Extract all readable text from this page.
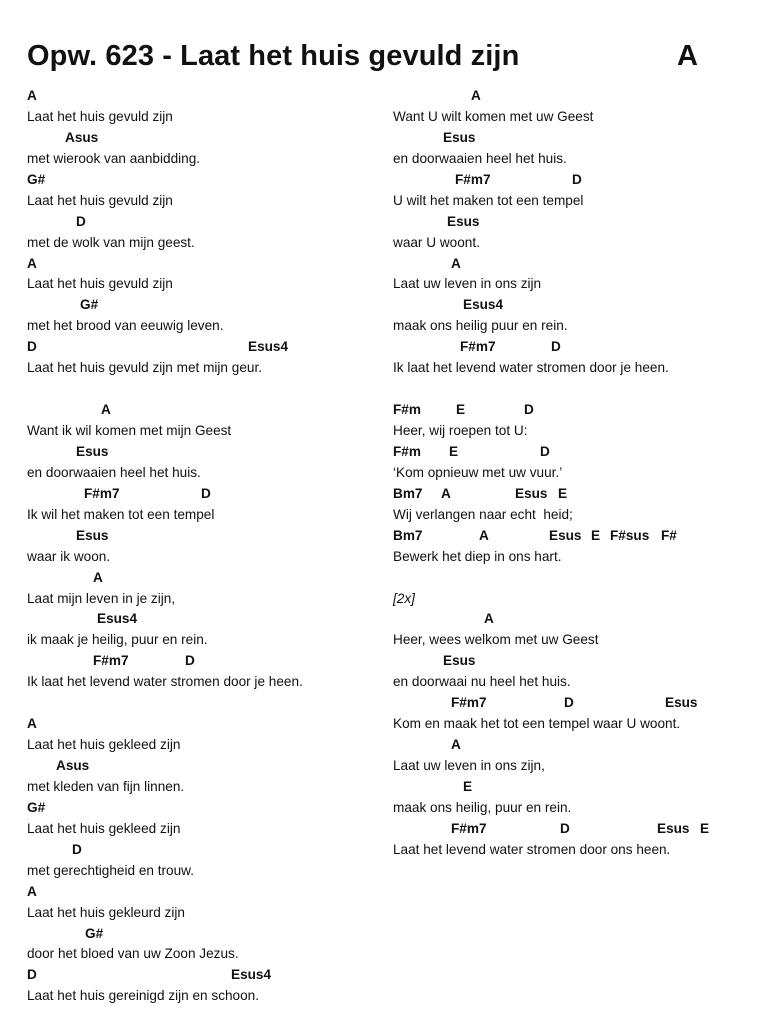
Opw. 623 - Laat het huis gevuld zijn	A
A
Laat het huis gevuld zijn
Asus
met wierook van aanbidding.
G#
Laat het huis gevuld zijn
D
met de wolk van mijn geest.
A
Laat het huis gevuld zijn
G#
met het brood van eeuwig leven.
D	Esus4
Laat het huis gevuld zijn met mijn geur.
A
Want ik wil komen met mijn Geest
Esus
en doorwaaien heel het huis.
F#m7	D
Ik wil het maken tot een tempel
Esus
waar ik woon.
A
Laat mijn leven in je zijn,
Esus4
ik maak je heilig, puur en rein.
F#m7	D
Ik laat het levend water stromen door je heen.
A
Laat het huis gekleed zijn
Asus
met kleden van fijn linnen.
G#
Laat het huis gekleed zijn
D
met gerechtigheid en trouw.
A
Laat het huis gekleurd zijn
G#
door het bloed van uw Zoon Jezus.
D	Esus4
Laat het huis gereinigd zijn en schoon.
A
Want U wilt komen met uw Geest
Esus
en doorwaaien heel het huis.
F#m7	D
U wilt het maken tot een tempel
Esus
waar U woont.
A
Laat uw leven in ons zijn
Esus4
maak ons heilig puur en rein.
F#m7	D
Ik laat het levend water stromen door je heen.
F#m	E	D
Heer, wij roepen tot U:
F#m E	D
‘Kom opnieuw met uw vuur.’
Bm7 A	Esus E
Wij verlangen naar echt  heid;
Bm7	A	Esus E F#sus F#
Bewerk het diep in ons hart.
[2x]
A
Heer, wees welkom met uw Geest
Esus
en doorwaai nu heel het huis.
F#m7	D	Esus
Kom en maak het tot een tempel waar U woont.
A
Laat uw leven in ons zijn,
E
maak ons heilig, puur en rein.
F#m7	D	Esus E
Laat het levend water stromen door ons heen.
